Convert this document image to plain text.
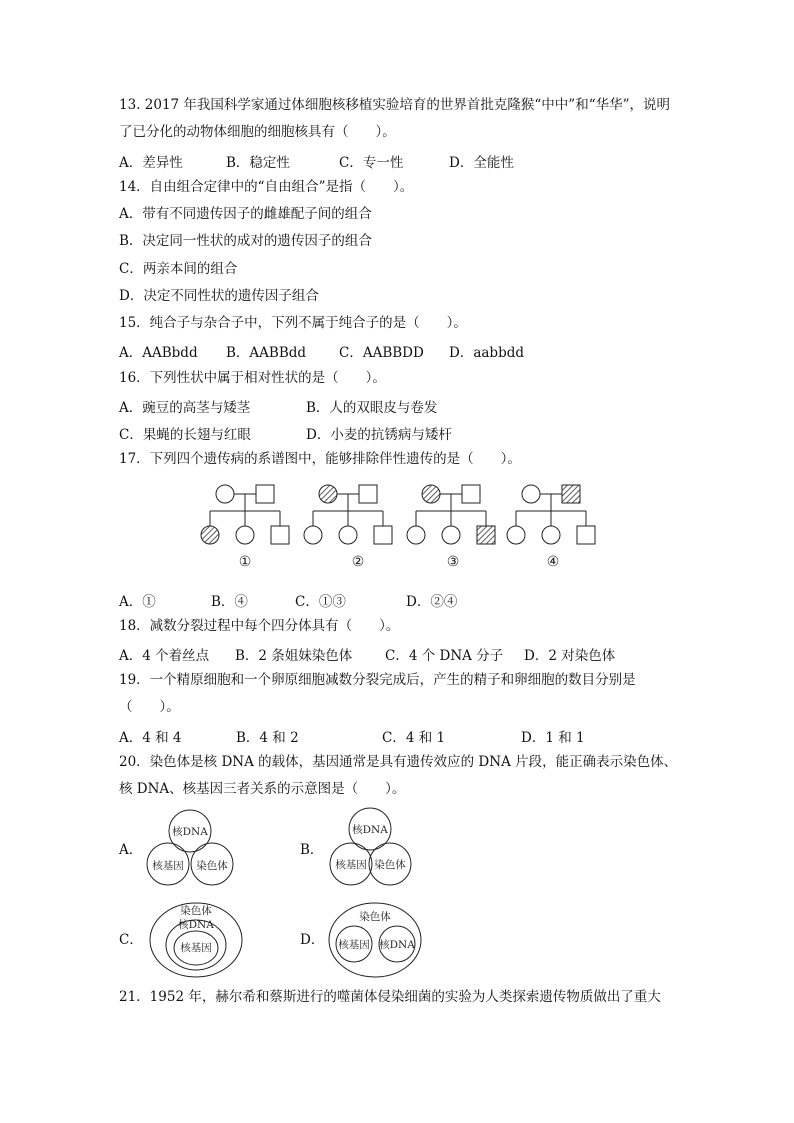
13. 2017 年我国科学家通过体细胞核移植实验培育的世界首批克隆猴“中中”和“华华”，说明
了已分化的动物体细胞的细胞核具有（　　）。
A．差异性	B．稳定性	C．专一性	D．全能性
14．自由组合定律中的“自由组合”是指（　　）。
A．带有不同遗传因子的雌雄配子间的组合
B．决定同一性状的成对的遗传因子的组合
C．两亲本间的组合
D．决定不同性状的遗传因子组合
15．纯合子与杂合子中，下列不属于纯合子的是（　　）。
A．AABbdd B．AABBdd C．AABBDD D．aabbdd
16．下列性状中属于相对性状的是（　　）。
A．豌豆的高茎与矮茎	B．人的双眼皮与卷发
C．果蝇的长翅与红眼	D．小麦的抗锈病与矮杆
17．下列四个遗传病的系谱图中，能够排除伴性遗传的是（　　）。
①	②	③	④
A．①	B．④	C．①③	D．②④
18．减数分裂过程中每个四分体具有（　　）。
A．4 个着丝点 B．2 条姐妹染色体 C．4 个 DNA 分子 D．2 对染色体
19．一个精原细胞和一个卵原细胞减数分裂完成后，产生的精子和卵细胞的数目分别是
（　　）。
A．4 和 4	B．4 和 2	C．4 和 1	D．1 和 1
20．染色体是核 DNA 的载体，基因通常是具有遗传效应的 DNA 片段，能正确表示染色体、
核 DNA、核基因三者关系的示意图是（　　）。
A．
核DNA
核基因 染色体
B．
核DNA
核基因 染色体
C．
染色体
核DNA
核基因	D．
染色体
核基因 核DNA
21．1952 年，赫尔希和蔡斯进行的噬菌体侵染细菌的实验为人类探索遗传物质做出了重大
